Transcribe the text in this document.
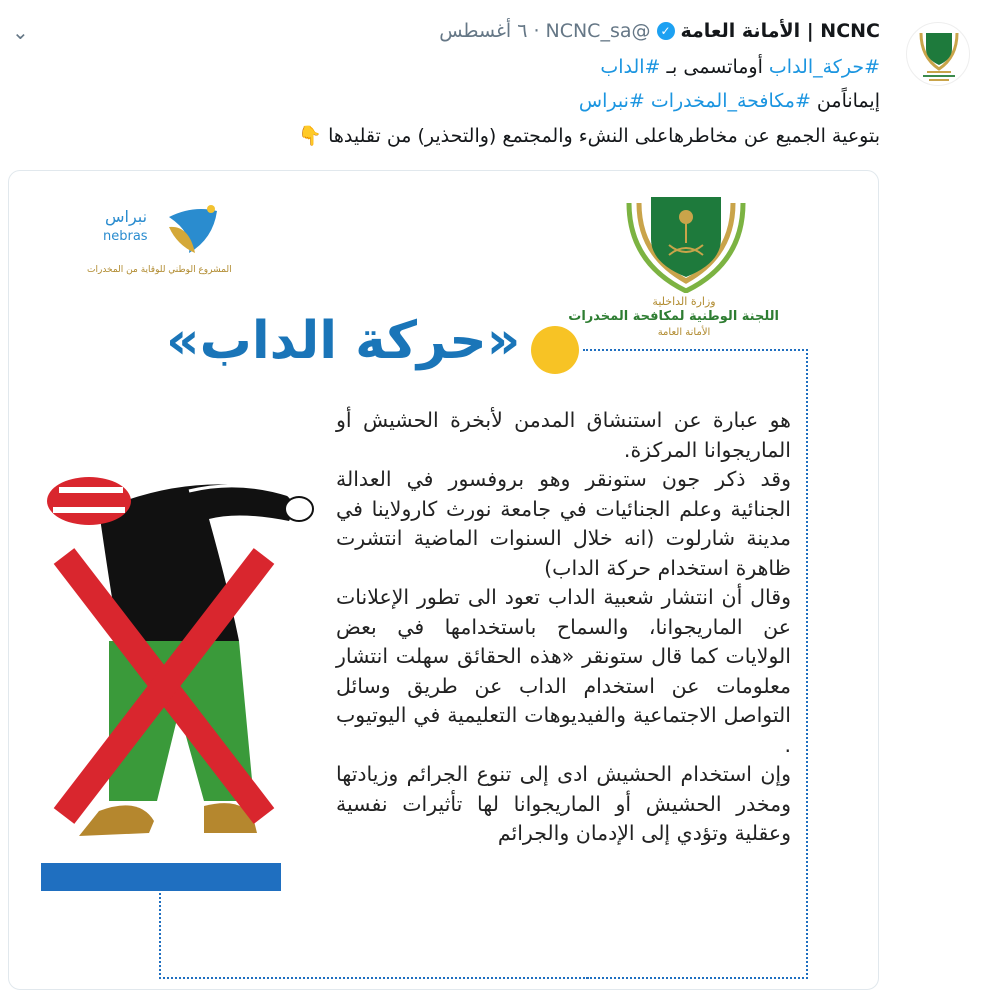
NCNC | الأمانة العامة
✓
@NCNC_sa
·
٦ أغسطس
⌄
#حركة_الداب أوماتسمى بـ #الداب
إيماناًمن #مكافحة_المخدرات #نبراس
بتوعية الجميع عن مخاطرهاعلى النشء والمجتمع (والتحذير) من تقليدها 👇
نبراس
nebras
المشروع الوطني للوقاية من المخدرات
وزارة الداخلية
اللجنة الوطنية لمكافحة المخدرات
الأمانة العامة
«حركة الداب»

هو عبارة عن استنشاق المدمن لأبخرة الحشيش أو الماريجوانا المركزة.

وقد ذكر جون ستونقر وهو بروفسور في العدالة الجنائية وعلم الجنائيات في جامعة نورث كارولاينا في مدينة شارلوت (انه خلال السنوات الماضية انتشرت ظاهرة استخدام حركة الداب)

وقال أن انتشار شعبية الداب تعود الى تطور الإعلانات عن الماريجوانا، والسماح باستخدامها في بعض الولايات كما قال ستونقر «هذه الحقائق سهلت انتشار معلومات عن استخدام الداب عن طريق وسائل التواصل الاجتماعية والفيديوهات التعليمية في اليوتيوب .

وإن استخدام الحشيش ادى إلى تنوع الجرائم وزيادتها ومخدر الحشيش أو الماريجوانا لها تأثيرات نفسية وعقلية وتؤدي إلى الإدمان والجرائم
